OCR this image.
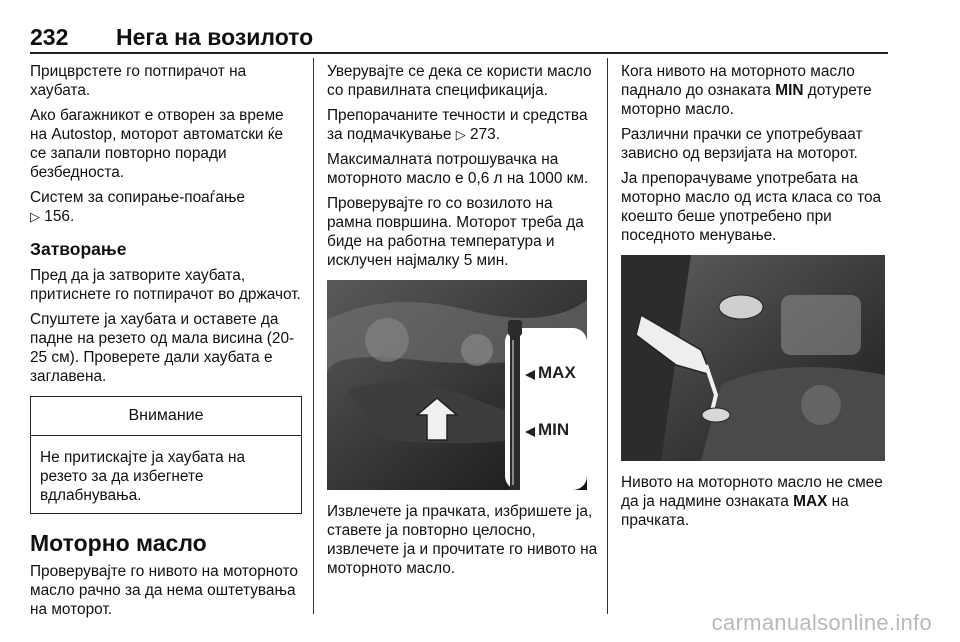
232 Нега на возилото

Прицврстете го потпирачот на хаубата.

Ако багажникот е отворен за време на Autostop, моторот автоматски ќе се запали повторно поради безбедноста.

Систем за сопирање-поаѓање
▷ 156.

Затворање

Пред да ја затворите хаубата, притиснете го потпирачот во држачот.

Спуштете ја хаубата и оставете да падне на резето од мала висина (20-25 см). Проверете дали хаубата е заглавена.

Внимание
Не притискајте ја хаубата на резето за да избегнете вдлабнувања.
Моторно масло

Проверувајте го нивото на моторното масло рачно за да нема оштетувања на моторот.

Уверувајте се дека се користи масло со правилната спецификација.

Препорачаните течности и средства за подмачкување ▷ 273.

Максималната потрошувачка на моторното масло е 0,6 л на 1000 км.

Проверувајте го со возилото на рамна површина. Моторот треба да биде на работна температура и исклучен најмалку 5 мин.

MAX
MIN

Извлечете ја прачката, избришете ја, ставете ја повторно целосно, извлечете ја и прочитате го нивото на моторното масло.

Кога нивото на моторното масло паднало до ознаката MIN дотурете моторно масло.

Различни прачки се употребуваат зависно од верзијата на моторот.

Ја препорачуваме употребата на моторно масло од иста класа со тоа коешто беше употребено при поседното менување.

Нивото на моторното масло не смее да ја надмине ознаката MAX на прачката.

carmanualsonline.info
